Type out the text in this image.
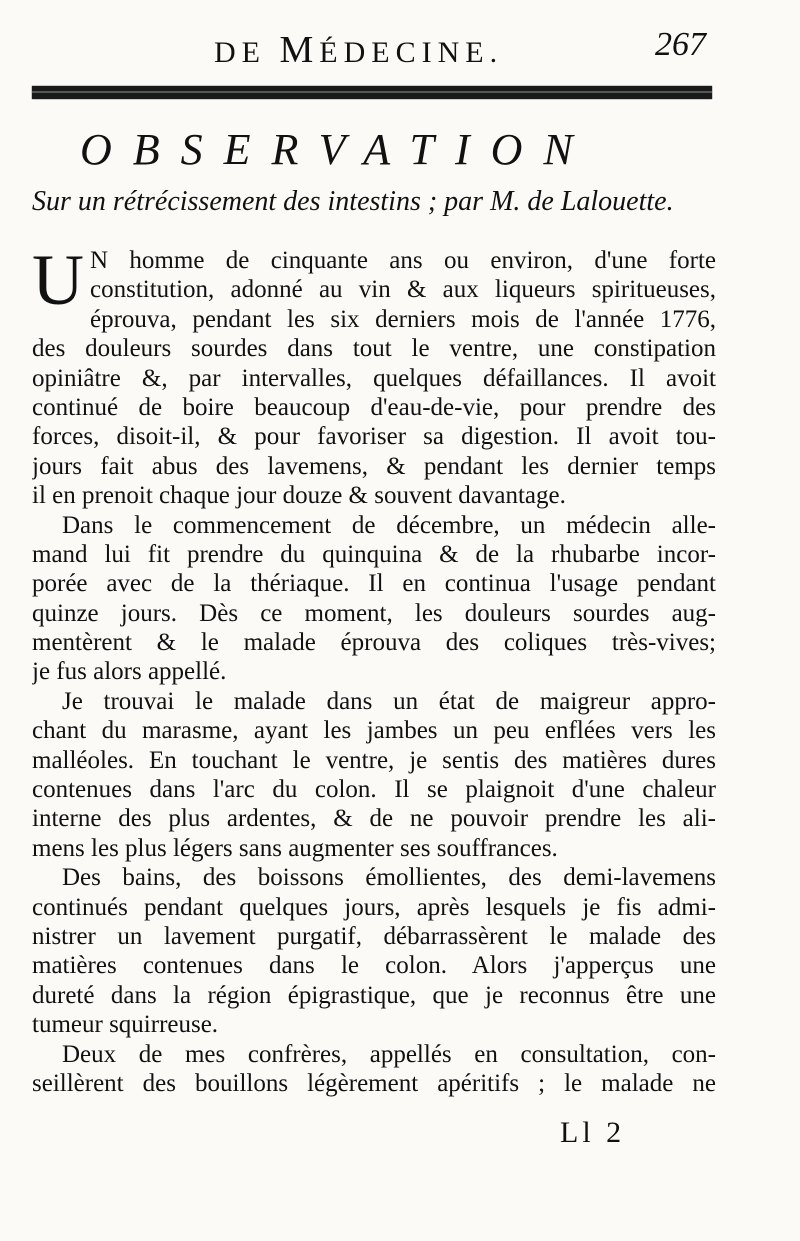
DE MÉDECINE.	267
OBSERVATION
Sur un rétrécissement des intestins ; par M. de Lalouette.
U N homme de cinquante ans ou environ, d'une forte
constitution, adonné au vin & aux liqueurs spiritueuses,
éprouva, pendant les six derniers mois de l'année 1776,
des douleurs sourdes dans tout le ventre, une constipation
opiniâtre &, par intervalles, quelques défaillances. Il avoit
continué de boire beaucoup d'eau-de-vie, pour prendre des
forces, disoit-il, & pour favoriser sa digestion. Il avoit tou-
jours fait abus des lavemens, & pendant les dernier temps
il en prenoit chaque jour douze & souvent davantage.
Dans le commencement de décembre, un médecin alle-
mand lui fit prendre du quinquina & de la rhubarbe incor-
porée avec de la thériaque. Il en continua l'usage pendant
quinze jours. Dès ce moment, les douleurs sourdes aug-
mentèrent & le malade éprouva des coliques très-vives;
je fus alors appellé.
Je trouvai le malade dans un état de maigreur appro-
chant du marasme, ayant les jambes un peu enflées vers les
malléoles. En touchant le ventre, je sentis des matières dures
contenues dans l'arc du colon. Il se plaignoit d'une chaleur
interne des plus ardentes, & de ne pouvoir prendre les ali-
mens les plus légers sans augmenter ses souffrances.
Des bains, des boissons émollientes, des demi-lavemens
continués pendant quelques jours, après lesquels je fis admi-
nistrer un lavement purgatif, débarrassèrent le malade des
matières contenues dans le colon. Alors j'apperçus une
dureté dans la région épigrastique, que je reconnus être une
tumeur squirreuse.
Deux de mes confrères, appellés en consultation, con-
seillèrent des bouillons légèrement apéritifs ; le malade ne
Ll 2
